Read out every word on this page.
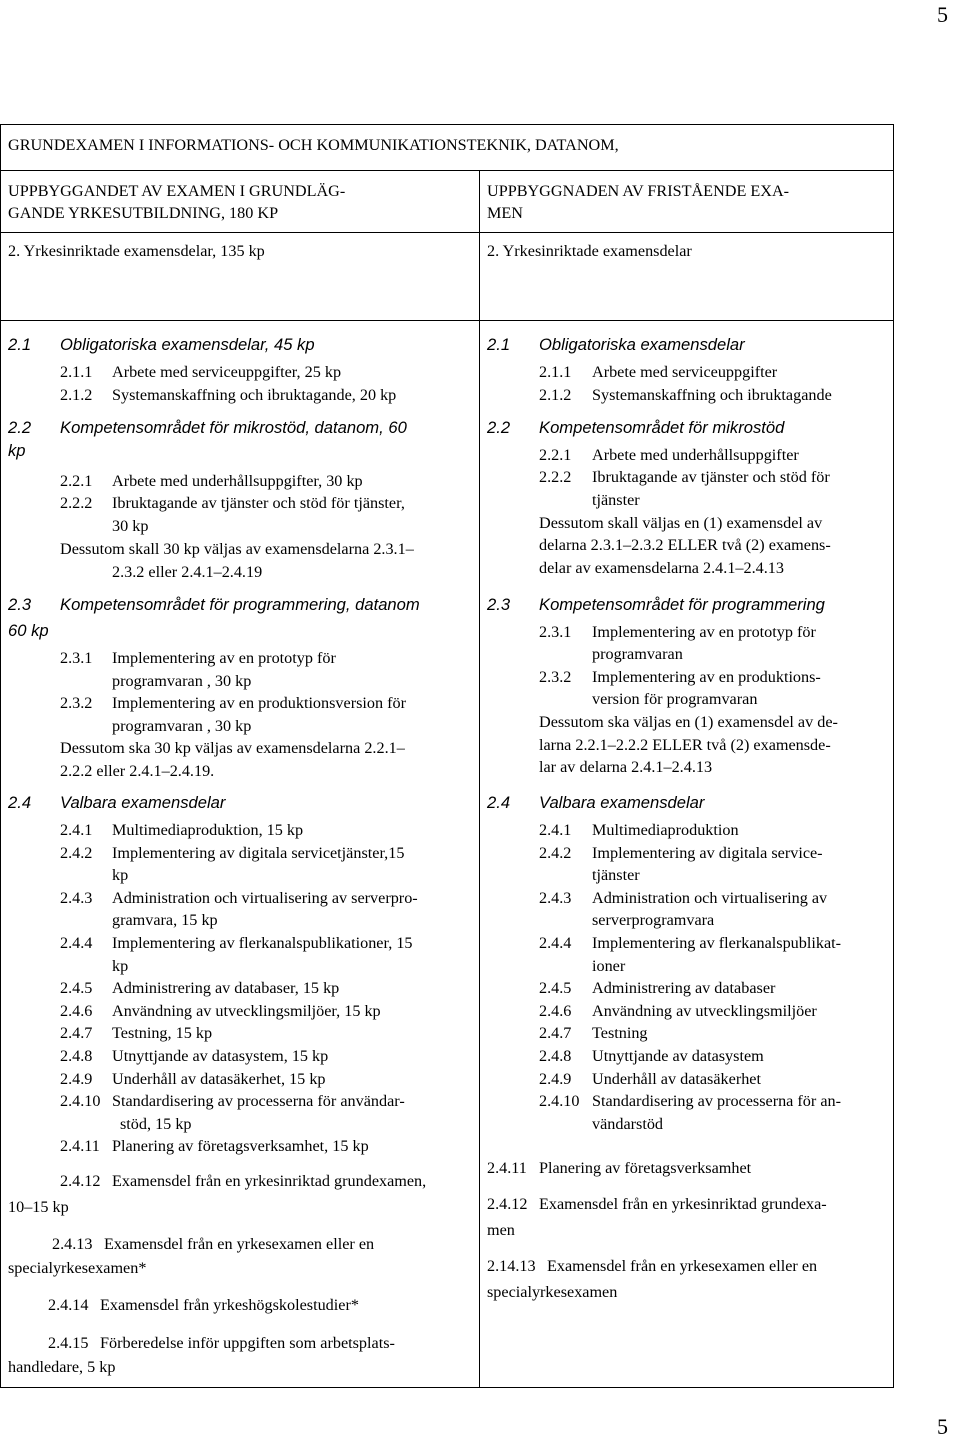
5
GRUNDEXAMEN I INFORMATIONS- OCH KOMMUNIKATIONSTEKNIK, DATANOM,
UPPBYGGANDET AV EXAMEN I GRUNDLÄG-
GANDE YRKESUTBILDNING, 180 KP
2. Yrkesinriktade examensdelar, 135 kp
UPPBYGGNADEN AV FRISTÅENDE EXA-
MEN
2. Yrkesinriktade examensdelar
2.1 Obligatoriska examensdelar, 45 kp
2.1.1 Arbete med serviceuppgifter, 25 kp
2.1.2 Systemanskaffning och ibruktagande, 20 kp
2.2 Kompetensområdet för mikrostöd, datanom, 60
kp
2.2.1 Arbete med underhållsuppgifter, 30 kp
2.2.2 Ibruktagande av tjänster och stöd för tjänster,
30 kp
Dessutom skall 30 kp väljas av examensdelarna 2.3.1–
2.3.2 eller 2.4.1–2.4.19
2.3 Kompetensområdet för programmering, datanom
60 kp
2.3.1 Implementering av en prototyp för
programvaran , 30 kp
2.3.2 Implementering av en produktionsversion för
programvaran , 30 kp
Dessutom ska 30 kp väljas av examensdelarna 2.2.1–
2.2.2 eller 2.4.1–2.4.19.
2.4 Valbara examensdelar
2.4.1 Multimediaproduktion, 15 kp
2.4.2 Implementering av digitala servicetjänster,15
kp
2.4.3 Administration och virtualisering av serverpro-
gramvara, 15 kp
2.4.4 Implementering av flerkanalspublikationer, 15
kp
2.4.5 Administrering av databaser, 15 kp
2.4.6 Användning av utvecklingsmiljöer, 15 kp
2.4.7 Testning, 15 kp
2.4.8 Utnyttjande av datasystem, 15 kp
2.4.9 Underhåll av datasäkerhet, 15 kp
2.4.10 Standardisering av processerna för användar-
stöd, 15 kp
2.4.11 Planering av företagsverksamhet, 15 kp
2.4.12 Examensdel från en yrkesinriktad grundexamen,
10–15 kp
2.4.13 Examensdel från en yrkesexamen eller en
specialyrkesexamen*
2.4.14 Examensdel från yrkeshögskolestudier*
2.4.15 Förberedelse inför uppgiften som arbetsplats-
handledare, 5 kp
2.1 Obligatoriska examensdelar
2.1.1 Arbete med serviceuppgifter
2.1.2 Systemanskaffning och ibruktagande
2.2 Kompetensområdet för mikrostöd
2.2.1 Arbete med underhållsuppgifter
2.2.2 Ibruktagande av tjänster och stöd för
tjänster
Dessutom skall väljas en (1) examensdel av
delarna 2.3.1–2.3.2 ELLER två (2) examens-
delar av examensdelarna 2.4.1–2.4.13
2.3 Kompetensområdet för programmering
2.3.1 Implementering av en prototyp för
programvaran
2.3.2 Implementering av en produktions-
version för programvaran
Dessutom ska väljas en (1) examensdel av de-
larna 2.2.1–2.2.2 ELLER två (2) examensde-
lar av delarna 2.4.1–2.4.13
2.4 Valbara examensdelar
2.4.1 Multimediaproduktion
2.4.2 Implementering av digitala service-
tjänster
2.4.3 Administration och virtualisering av
serverprogramvara
2.4.4 Implementering av flerkanalspublikat-
ioner
2.4.5 Administrering av databaser
2.4.6 Användning av utvecklingsmiljöer
2.4.7 Testning
2.4.8 Utnyttjande av datasystem
2.4.9 Underhåll av datasäkerhet
2.4.10 Standardisering av processerna för an-
vändarstöd
2.4.11 Planering av företagsverksamhet
2.4.12 Examensdel från en yrkesinriktad grundexa-
men
2.14.13 Examensdel från en yrkesexamen eller en
specialyrkesexamen
5
